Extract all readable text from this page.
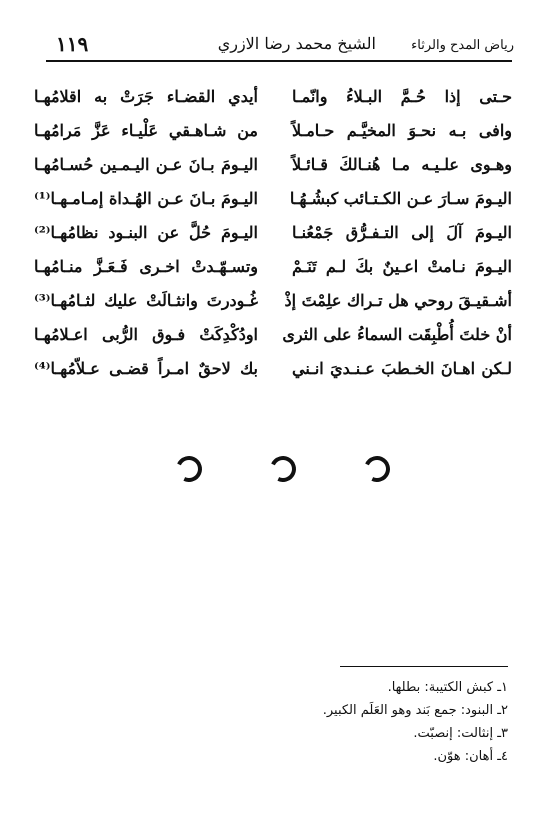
رياض المدح والرثاء
الشيخ محمد رضا الازري
١١٩
حـتى إذا حُـمَّ البـلاءُ وانّمـا
أيدي القضـاء جَرَتْ به اقلامُهـا
وافى بـه نحـوَ المخيَّـم حـامـلاً
من شـاهـقي عَلْيـاء عَزَّ مَرامُهـا
وهـوى علـيـه مـا هُنـالكَ قـائـلاً
اليـومَ بـانَ عـن اليـمـين حُسـامُهـا
اليـومَ سـارَ عـن الكـتـائب كبشُـهُـا
اليـومَ بـانَ عـن الهُـداة إمـامـهـا⁽¹⁾
اليـومَ آلَ إلى التـفـرُّق جَمْعُنـا
اليـومَ حُلَّ عن البنـود نظامُهـا⁽²⁾
اليـومَ نـامتْ اعـينٌ بكَ لـم تَنَـمْ
وتسـهّـدتْ اخـرى فَـعَـزَّ منـامُهـا
أشـقيـقَ روحي هل تـراك علِمْتَ إذْ
غُـودرتَ وانثـالَتْ عليك لثـامُهـا⁽³⁾
أنْ خلتَ أُطْبِقَت السماءُ على الثرى
اودُكْدِكَتْ فـوق الرُّبى اعـلامُهـا
لـكن اهـانَ الخـطبَ عـنـديَ انـني
بك لاحقٌ امـراً قضـى عـلاّمُهـا⁽⁴⁾
١ـ كبش الكتيبة: بطلها.
٢ـ البنود: جمع بَند وهو العَلَم الكبير.
٣ـ إنثالت: إنصبّت.
٤ـ أهان: هوّن.
